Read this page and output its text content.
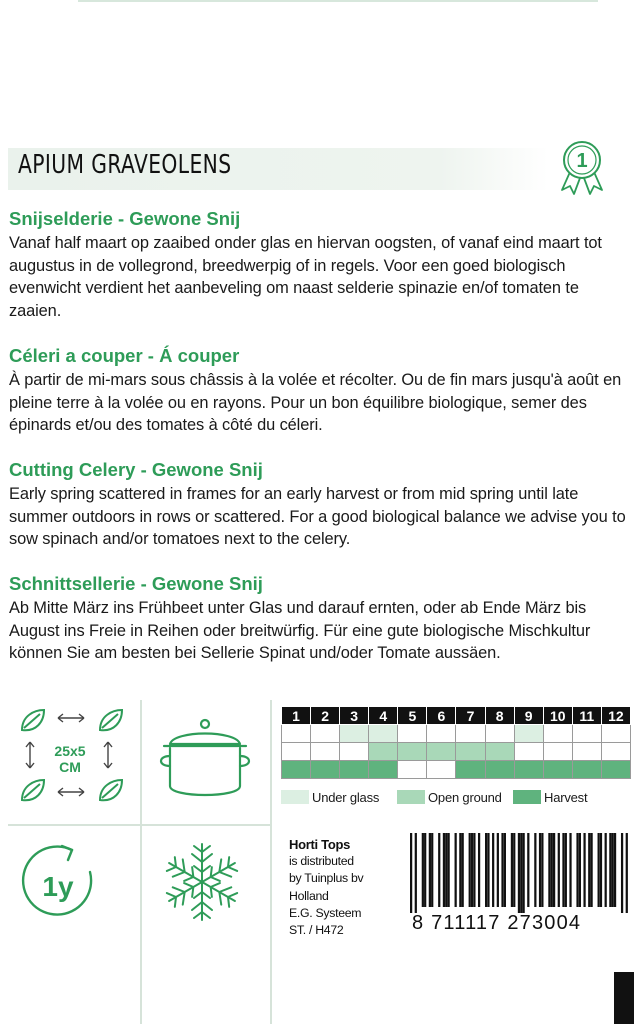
APIUM GRAVEOLENS	1
Snijselderie - Gewone Snij

Vanaf half maart op zaaibed onder glas en hiervan oogsten, of vanaf eind maart tot augustus in de vollegrond, breedwerpig of in regels. Voor een goed biologisch evenwicht verdient het aanbeveling om naast selderie spinazie en/of tomaten te zaaien.

Céleri a couper - Á couper

À partir de mi-mars sous châssis à la volée et récolter. Ou de fin mars jusqu'à août en pleine terre à la volée ou en rayons. Pour un bon équilibre biologique, semer des épinards et/ou des tomates à côté du céleri.

Cutting Celery - Gewone Snij

Early spring scattered in frames for an early harvest or from mid spring until late summer outdoors in rows or scattered. For a good biological balance we advise you to sow spinach and/or tomatoes next to the celery.

Schnittsellerie - Gewone Snij

Ab Mitte März ins Frühbeet unter Glas und darauf ernten, oder ab Ende März bis August ins Freie in Reihen oder breitwürfig. Für eine gute biologische Mischkultur können Sie am besten bei Sellerie Spinat und/oder Tomate aussäen.

25x5
CM
1y
1	2	3	4	5	6	7	8	9	10	11	12

Under glass	Open ground	Harvest
Horti Tops
is distributed
by Tuinplus bv
Holland
E.G. Systeem
ST. / H472	8 711117 273004
